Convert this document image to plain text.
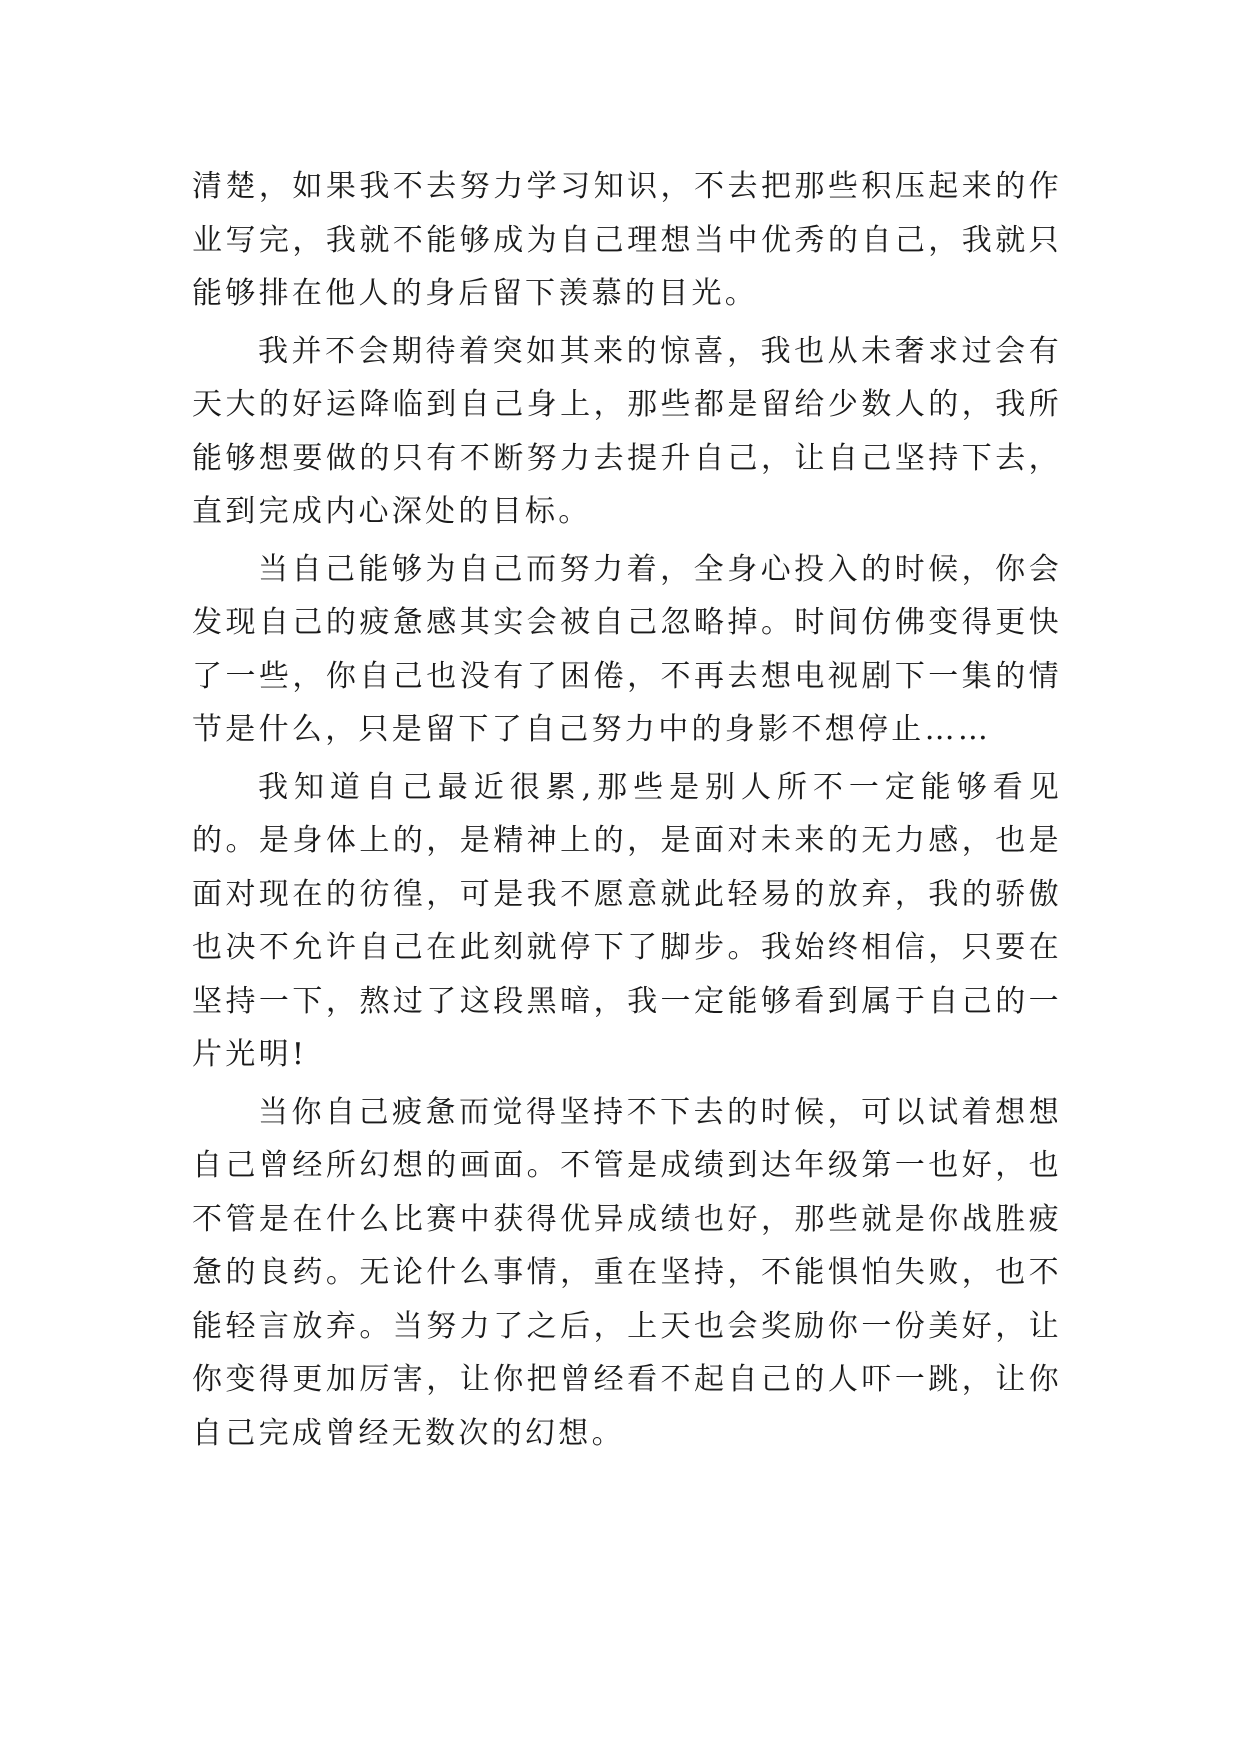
清楚，如果我不去努力学习知识，不去把那些积压起来的作业写完，我就不能够成为自己理想当中优秀的自己，我就只能够排在他人的身后留下羡慕的目光。

我并不会期待着突如其来的惊喜，我也从未奢求过会有天大的好运降临到自己身上，那些都是留给少数人的，我所能够想要做的只有不断努力去提升自己，让自己坚持下去，直到完成内心深处的目标。

当自己能够为自己而努力着，全身心投入的时候，你会发现自己的疲惫感其实会被自己忽略掉。时间仿佛变得更快了一些，你自己也没有了困倦，不再去想电视剧下一集的情节是什么，只是留下了自己努力中的身影不想停止……

我知道自己最近很累,那些是别人所不一定能够看见的。是身体上的，是精神上的，是面对未来的无力感，也是面对现在的彷徨，可是我不愿意就此轻易的放弃，我的骄傲也决不允许自己在此刻就停下了脚步。我始终相信，只要在坚持一下，熬过了这段黑暗，我一定能够看到属于自己的一片光明!

当你自己疲惫而觉得坚持不下去的时候，可以试着想想自己曾经所幻想的画面。不管是成绩到达年级第一也好，也不管是在什么比赛中获得优异成绩也好，那些就是你战胜疲惫的良药。无论什么事情，重在坚持，不能惧怕失败，也不能轻言放弃。当努力了之后，上天也会奖励你一份美好，让你变得更加厉害，让你把曾经看不起自己的人吓一跳，让你自己完成曾经无数次的幻想。
